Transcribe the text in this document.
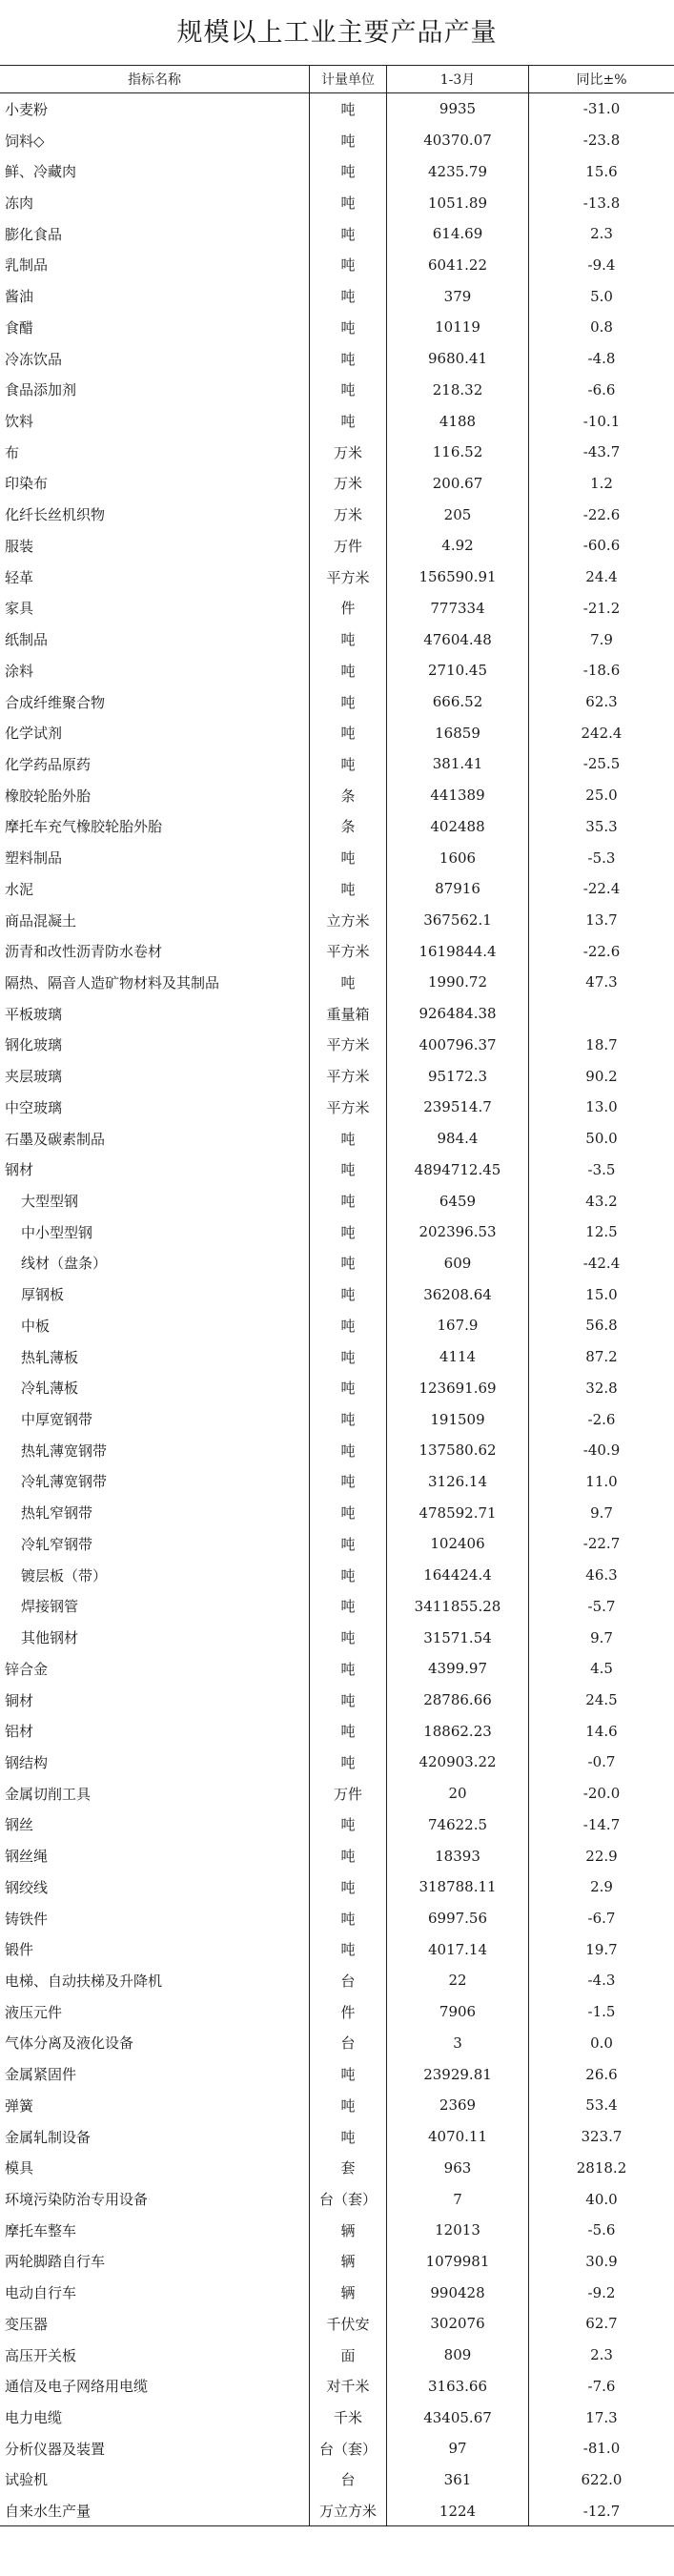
规模以上工业主要产品产量
指标名称	计量单位	1-3月	同比±%
小麦粉	吨	9935	-31.0
饲料◇	吨	40370.07	-23.8
鲜、冷藏肉	吨	4235.79	15.6
冻肉	吨	1051.89	-13.8
膨化食品	吨	614.69	2.3
乳制品	吨	6041.22	-9.4
酱油	吨	379	5.0
食醋	吨	10119	0.8
冷冻饮品	吨	9680.41	-4.8
食品添加剂	吨	218.32	-6.6
饮料	吨	4188	-10.1
布	万米	116.52	-43.7
印染布	万米	200.67	1.2
化纤长丝机织物	万米	205	-22.6
服装	万件	4.92	-60.6
轻革	平方米	156590.91	24.4
家具	件	777334	-21.2
纸制品	吨	47604.48	7.9
涂料	吨	2710.45	-18.6
合成纤维聚合物	吨	666.52	62.3
化学试剂	吨	16859	242.4
化学药品原药	吨	381.41	-25.5
橡胶轮胎外胎	条	441389	25.0
摩托车充气橡胶轮胎外胎	条	402488	35.3
塑料制品	吨	1606	-5.3
水泥	吨	87916	-22.4
商品混凝土	立方米	367562.1	13.7
沥青和改性沥青防水卷材	平方米	1619844.4	-22.6
隔热、隔音人造矿物材料及其制品	吨	1990.72	47.3
平板玻璃	重量箱	926484.38
钢化玻璃	平方米	400796.37	18.7
夹层玻璃	平方米	95172.3	90.2
中空玻璃	平方米	239514.7	13.0
石墨及碳素制品	吨	984.4	50.0
钢材	吨	4894712.45	-3.5
大型型钢	吨	6459	43.2
中小型型钢	吨	202396.53	12.5
线材（盘条）	吨	609	-42.4
厚钢板	吨	36208.64	15.0
中板	吨	167.9	56.8
热轧薄板	吨	4114	87.2
冷轧薄板	吨	123691.69	32.8
中厚宽钢带	吨	191509	-2.6
热轧薄宽钢带	吨	137580.62	-40.9
冷轧薄宽钢带	吨	3126.14	11.0
热轧窄钢带	吨	478592.71	9.7
冷轧窄钢带	吨	102406	-22.7
镀层板（带）	吨	164424.4	46.3
焊接钢管	吨	3411855.28	-5.7
其他钢材	吨	31571.54	9.7
锌合金	吨	4399.97	4.5
铜材	吨	28786.66	24.5
铝材	吨	18862.23	14.6
钢结构	吨	420903.22	-0.7
金属切削工具	万件	20	-20.0
钢丝	吨	74622.5	-14.7
钢丝绳	吨	18393	22.9
钢绞线	吨	318788.11	2.9
铸铁件	吨	6997.56	-6.7
锻件	吨	4017.14	19.7
电梯、自动扶梯及升降机	台	22	-4.3
液压元件	件	7906	-1.5
气体分离及液化设备	台	3	0.0
金属紧固件	吨	23929.81	26.6
弹簧	吨	2369	53.4
金属轧制设备	吨	4070.11	323.7
模具	套	963	2818.2
环境污染防治专用设备	台（套）	7	40.0
摩托车整车	辆	12013	-5.6
两轮脚踏自行车	辆	1079981	30.9
电动自行车	辆	990428	-9.2
变压器	千伏安	302076	62.7
高压开关板	面	809	2.3
通信及电子网络用电缆	对千米	3163.66	-7.6
电力电缆	千米	43405.67	17.3
分析仪器及装置	台（套）	97	-81.0
试验机	台	361	622.0
自来水生产量	万立方米	1224	-12.7
